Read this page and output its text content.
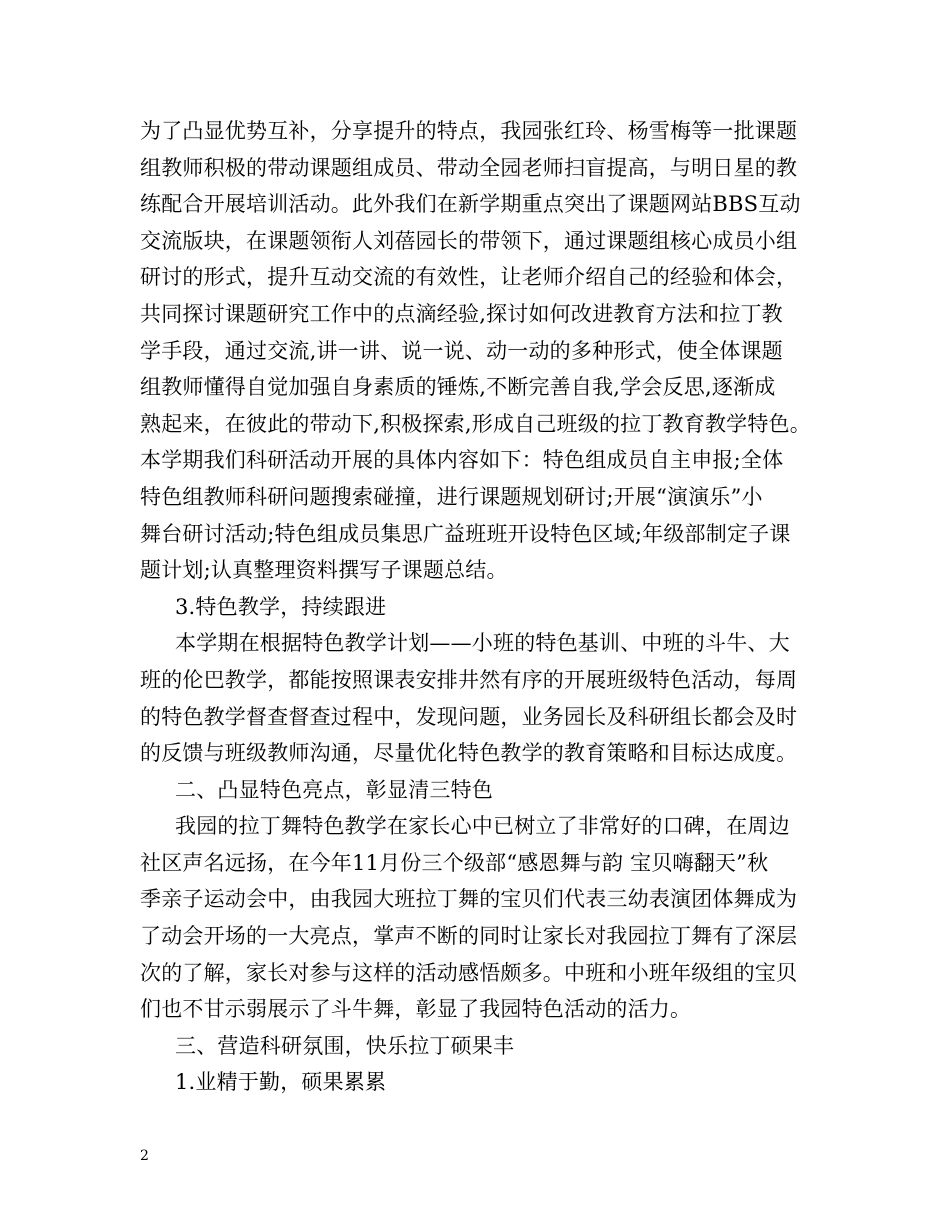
为了凸显优势互补，分享提升的特点，我园张红玲、杨雪梅等一批课题
组教师积极的带动课题组成员、带动全园老师扫盲提高，与明日星的教
练配合开展培训活动。此外我们在新学期重点突出了课题网站BBS互动
交流版块，在课题领衔人刘蓓园长的带领下，通过课题组核心成员小组
研讨的形式，提升互动交流的有效性，让老师介绍自己的经验和体会，
共同探讨课题研究工作中的点滴经验,探讨如何改进教育方法和拉丁教
学手段，通过交流,讲一讲、说一说、动一动的多种形式，使全体课题
组教师懂得自觉加强自身素质的锤炼,不断完善自我,学会反思,逐渐成
熟起来，在彼此的带动下,积极探索,形成自己班级的拉丁教育教学特色。
本学期我们科研活动开展的具体内容如下：特色组成员自主申报;全体
特色组教师科研问题搜索碰撞，进行课题规划研讨;开展“演演乐”小
舞台研讨活动;特色组成员集思广益班班开设特色区域;年级部制定子课
题计划;认真整理资料撰写子课题总结。
3.特色教学，持续跟进
本学期在根据特色教学计划——小班的特色基训、中班的斗牛、大
班的伦巴教学，都能按照课表安排井然有序的开展班级特色活动，每周
的特色教学督查督查过程中，发现问题，业务园长及科研组长都会及时
的反馈与班级教师沟通，尽量优化特色教学的教育策略和目标达成度。
二、凸显特色亮点，彰显清三特色
我园的拉丁舞特色教学在家长心中已树立了非常好的口碑，在周边
社区声名远扬，在今年11月份三个级部“感恩舞与韵 宝贝嗨翻天”秋
季亲子运动会中，由我园大班拉丁舞的宝贝们代表三幼表演团体舞成为
了动会开场的一大亮点，掌声不断的同时让家长对我园拉丁舞有了深层
次的了解，家长对参与这样的活动感悟颇多。中班和小班年级组的宝贝
们也不甘示弱展示了斗牛舞，彰显了我园特色活动的活力。
三、营造科研氛围，快乐拉丁硕果丰
1.业精于勤，硕果累累
2
